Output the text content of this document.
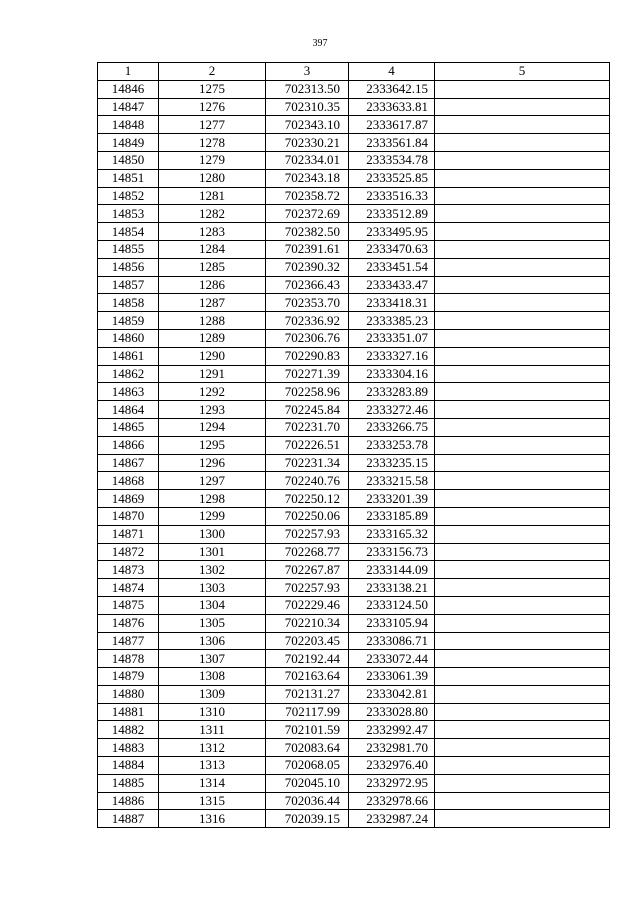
397
1	2	3	4	5
14846	1275	702313.50	2333642.15	
14847	1276	702310.35	2333633.81	
14848	1277	702343.10	2333617.87	
14849	1278	702330.21	2333561.84	
14850	1279	702334.01	2333534.78	
14851	1280	702343.18	2333525.85	
14852	1281	702358.72	2333516.33	
14853	1282	702372.69	2333512.89	
14854	1283	702382.50	2333495.95	
14855	1284	702391.61	2333470.63	
14856	1285	702390.32	2333451.54	
14857	1286	702366.43	2333433.47	
14858	1287	702353.70	2333418.31	
14859	1288	702336.92	2333385.23	
14860	1289	702306.76	2333351.07	
14861	1290	702290.83	2333327.16	
14862	1291	702271.39	2333304.16	
14863	1292	702258.96	2333283.89	
14864	1293	702245.84	2333272.46	
14865	1294	702231.70	2333266.75	
14866	1295	702226.51	2333253.78	
14867	1296	702231.34	2333235.15	
14868	1297	702240.76	2333215.58	
14869	1298	702250.12	2333201.39	
14870	1299	702250.06	2333185.89	
14871	1300	702257.93	2333165.32	
14872	1301	702268.77	2333156.73	
14873	1302	702267.87	2333144.09	
14874	1303	702257.93	2333138.21	
14875	1304	702229.46	2333124.50	
14876	1305	702210.34	2333105.94	
14877	1306	702203.45	2333086.71	
14878	1307	702192.44	2333072.44	
14879	1308	702163.64	2333061.39	
14880	1309	702131.27	2333042.81	
14881	1310	702117.99	2333028.80	
14882	1311	702101.59	2332992.47	
14883	1312	702083.64	2332981.70	
14884	1313	702068.05	2332976.40	
14885	1314	702045.10	2332972.95	
14886	1315	702036.44	2332978.66	
14887	1316	702039.15	2332987.24	
